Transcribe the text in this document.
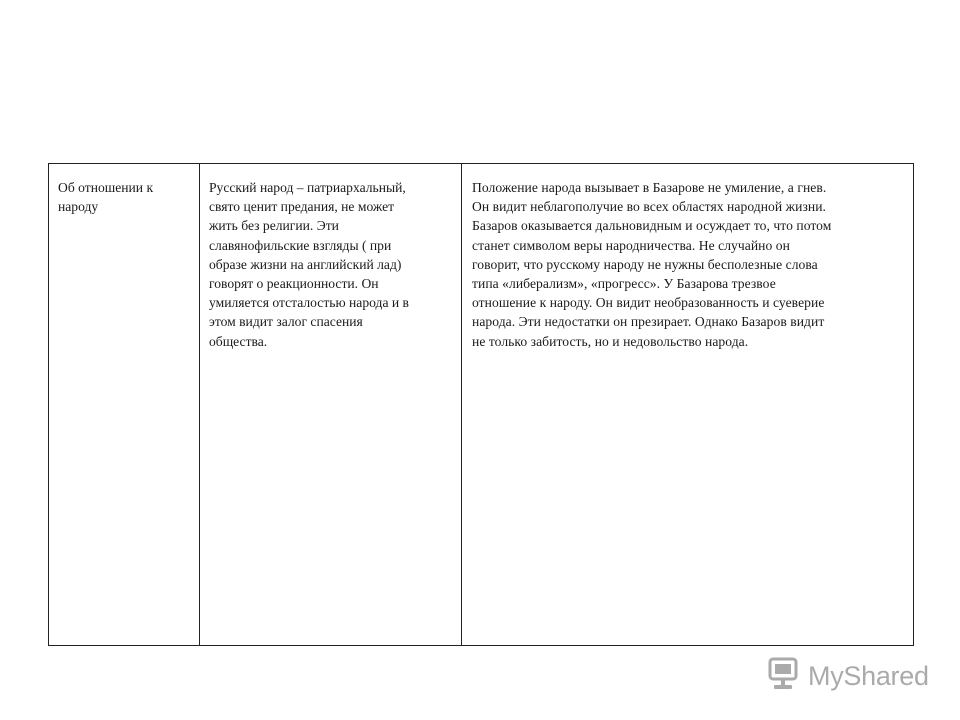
Об отношении к
народу
Русский народ – патриархальный,
свято ценит предания, не может
жить без религии. Эти
славянофильские взгляды ( при
образе жизни на английский лад)
говорят о реакционности. Он
умиляется отсталостью народа и в
этом видит залог спасения
общества.
Положение народа вызывает в Базарове не умиление, а гнев.
Он видит неблагополучие во всех областях народной жизни.
Базаров оказывается дальновидным и осуждает то, что потом
станет символом веры народничества. Не случайно он
говорит, что русскому народу не нужны бесполезные слова
типа «либерализм», «прогресс». У Базарова трезвое
отношение к народу. Он видит необразованность и суеверие
народа. Эти недостатки он презирает. Однако Базаров видит
не только забитость, но и недовольство народа.
MyShared
